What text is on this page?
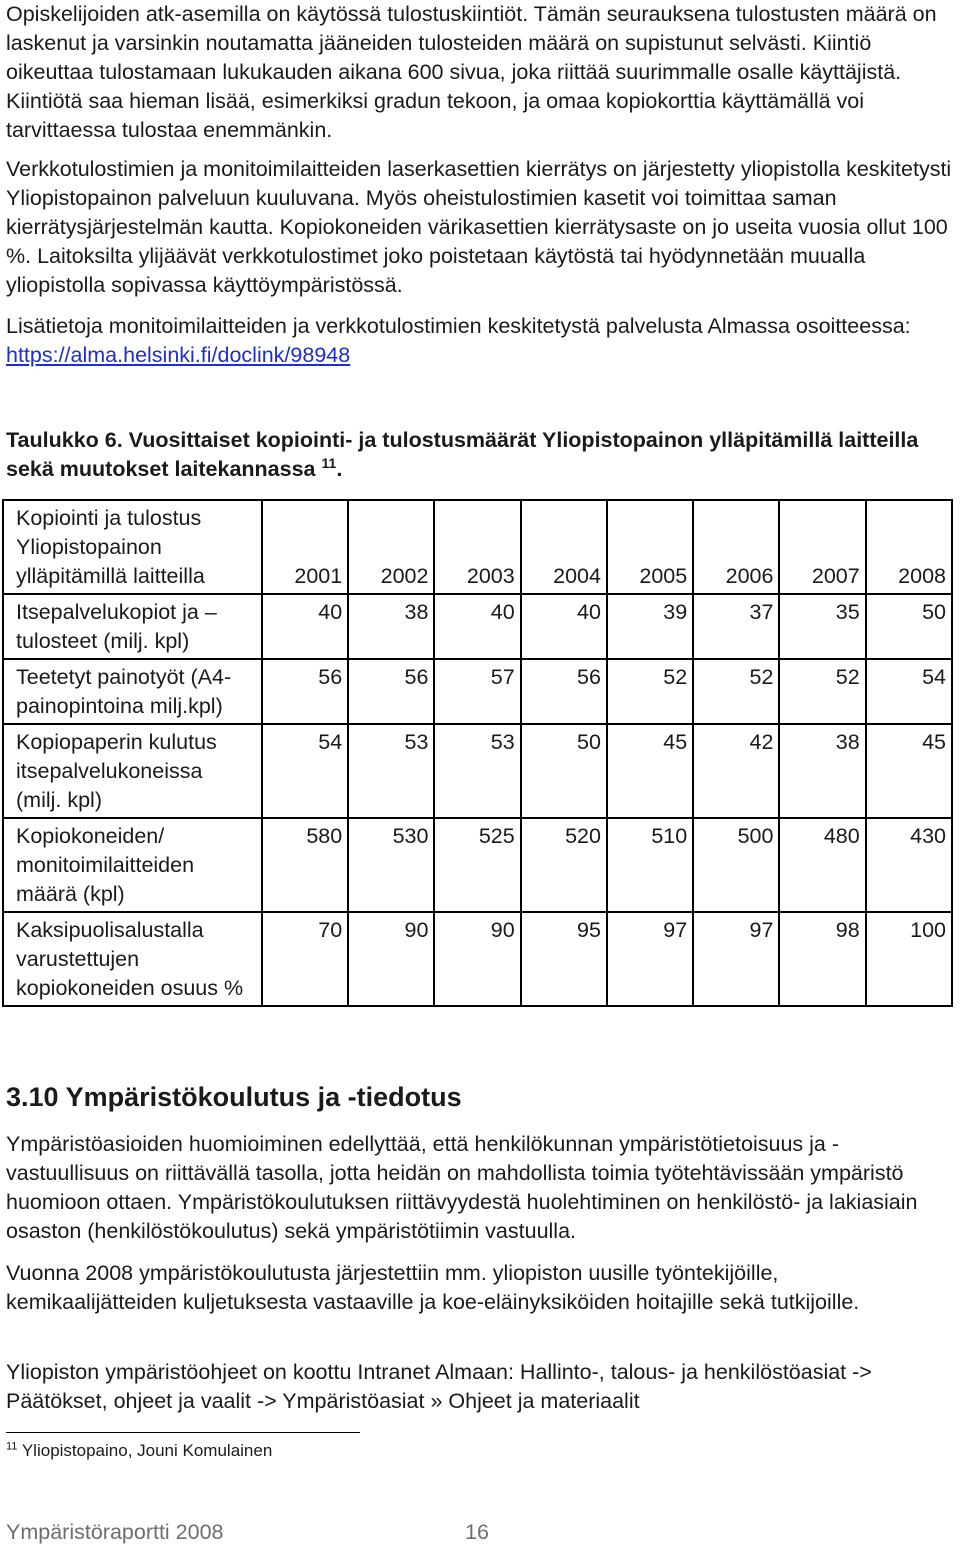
Opiskelijoiden atk-asemilla on käytössä tulostuskiintiöt. Tämän seurauksena tulostusten määrä on laskenut ja varsinkin noutamatta jääneiden tulosteiden määrä on supistunut selvästi. Kiintiö oikeuttaa tulostamaan lukukauden aikana 600 sivua, joka riittää suurimmalle osalle käyttäjistä. Kiintiötä saa hieman lisää, esimerkiksi gradun tekoon, ja omaa kopiokorttia käyttämällä voi tarvittaessa tulostaa enemmänkin.

Verkkotulostimien ja monitoimilaitteiden laserkasettien kierrätys on järjestetty yliopistolla keskitetysti Yliopistopainon palveluun kuuluvana. Myös oheistulostimien kasetit voi toimittaa saman kierrätysjärjestelmän kautta. Kopiokoneiden värikasettien kierrätysaste on jo useita vuosia ollut 100 %. Laitoksilta ylijäävät verkkotulostimet joko poistetaan käytöstä tai hyödynnetään muualla yliopistolla sopivassa käyttöympäristössä.

Lisätietoja monitoimilaitteiden ja verkkotulostimien keskitetystä palvelusta Almassa osoitteessa: https://alma.helsinki.fi/doclink/98948

Taulukko 6. Vuosittaiset kopiointi- ja tulostusmäärät Yliopistopainon ylläpitämillä laitteilla sekä muutokset laitekannassa $^{11}$.

Kopiointi ja tulostus Yliopistopainon ylläpitämillä laitteilla	2001	2002	2003	2004	2005	2006	2007	2008
Itsepalvelukopiot ja –tulosteet (milj. kpl)	40	38	40	40	39	37	35	50
Teetetyt painotyöt (A4-painopintoina milj.kpl)	56	56	57	56	52	52	52	54
Kopiopaperin kulutus itsepalvelukoneissa (milj. kpl)	54	53	53	50	45	42	38	45
Kopiokoneiden/ monitoimilaitteiden määrä (kpl)	580	530	525	520	510	500	480	430
Kaksipuolisalustalla varustettujen kopiokoneiden osuus %	70	90	90	95	97	97	98	100
3.10 Ympäristökoulutus ja -tiedotus

Ympäristöasioiden huomioiminen edellyttää, että henkilökunnan ympäristötietoisuus ja -vastuullisuus on riittävällä tasolla, jotta heidän on mahdollista toimia työtehtävissään ympäristö huomioon ottaen. Ympäristökoulutuksen riittävyydestä huolehtiminen on henkilöstö- ja lakiasiain osaston (henkilöstökoulutus) sekä ympäristötiimin vastuulla.

Vuonna 2008 ympäristökoulutusta järjestettiin mm. yliopiston uusille työntekijöille, kemikaalijätteiden kuljetuksesta vastaaville ja koe-eläinyksiköiden hoitajille sekä tutkijoille.

Yliopiston ympäristöohjeet on koottu Intranet Almaan: Hallinto-, talous- ja henkilöstöasiat -> Päätökset, ohjeet ja vaalit -> Ympäristöasiat » Ohjeet ja materiaalit

$^{11}$ Yliopistopaino, Jouni Komulainen

Ympäristöraportti 2008	16
